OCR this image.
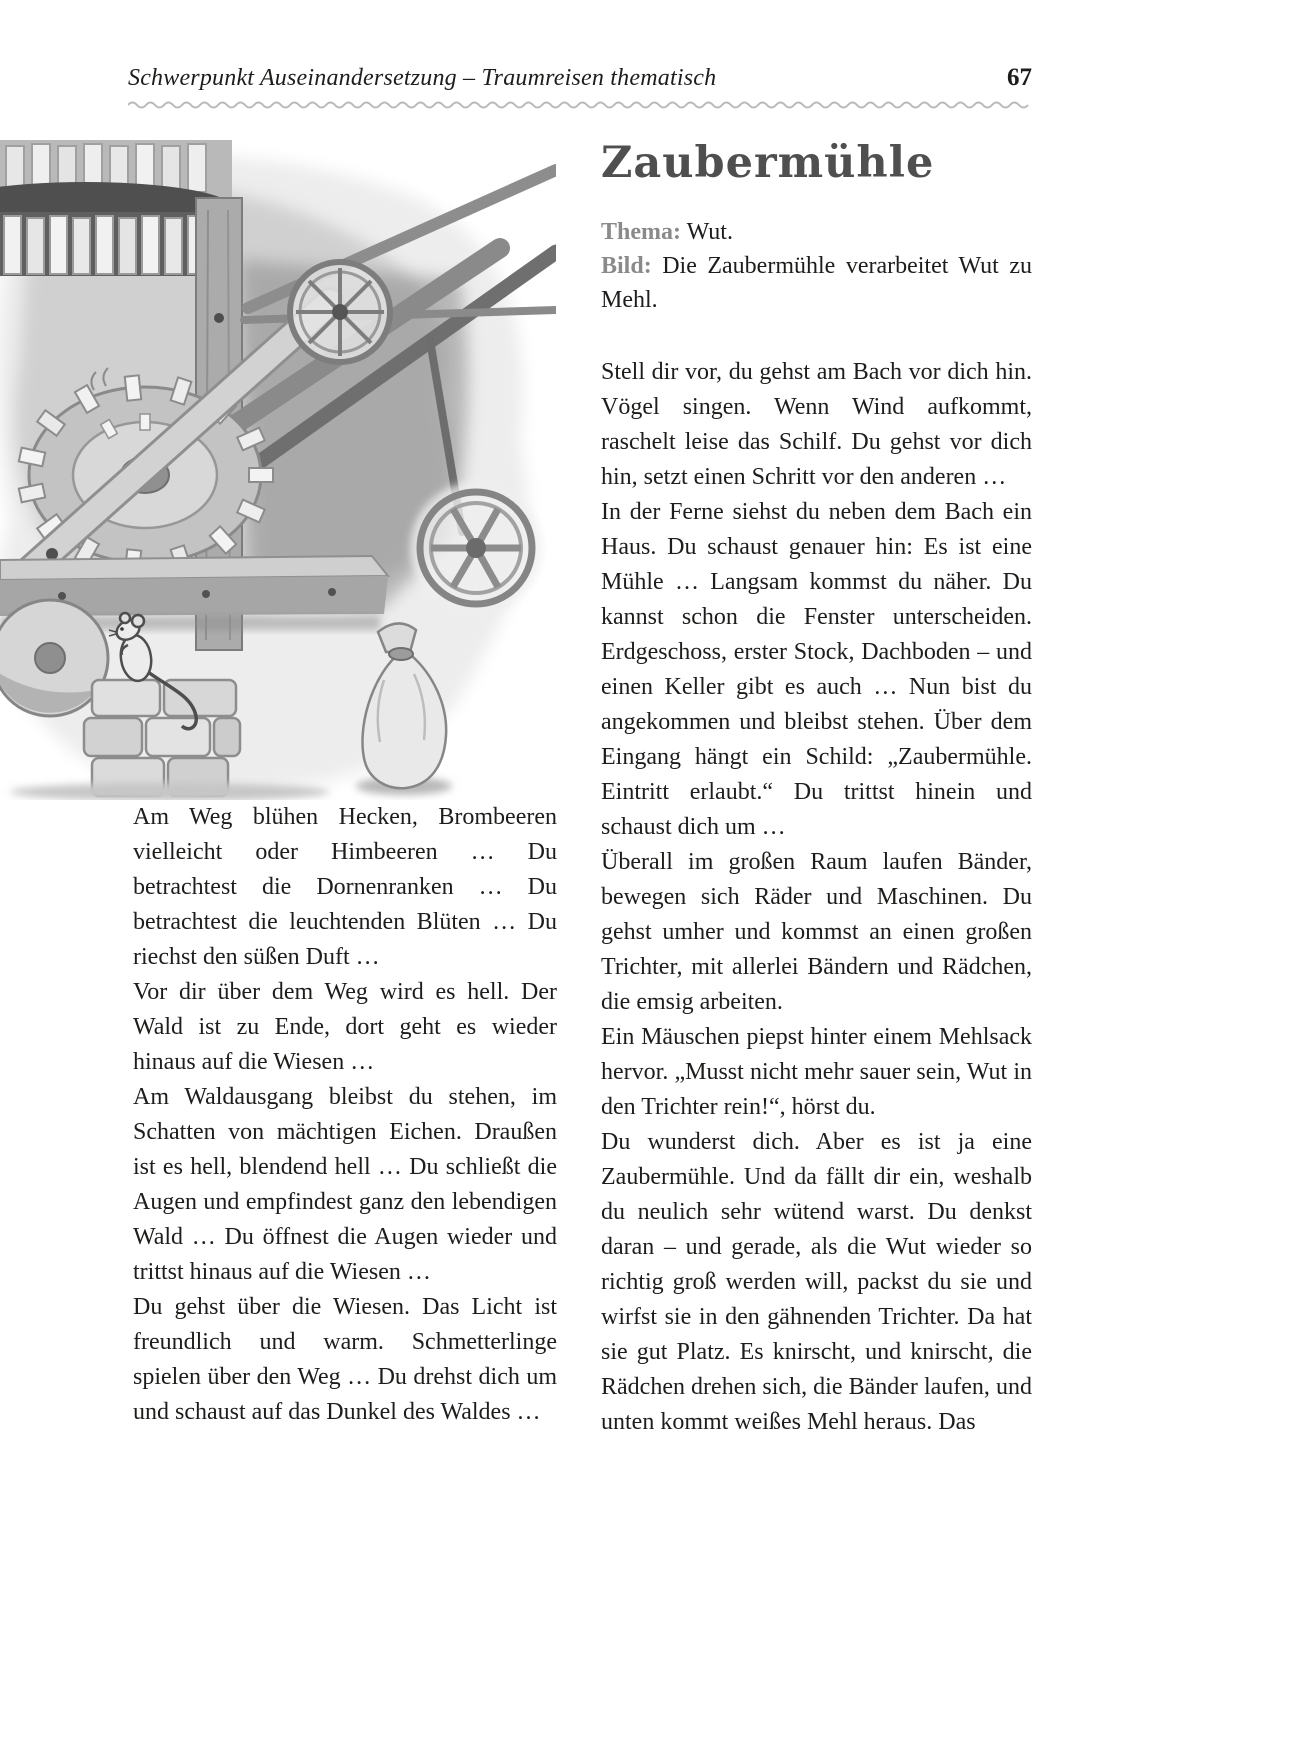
Schwerpunkt Auseinandersetzung – Traumreisen thematisch	67
Zaubermühle

Thema: Wut.

Bild: Die Zaubermühle verarbeitet Wut zu Mehl.

Stell dir vor, du gehst am Bach vor dich hin. Vögel singen. Wenn Wind aufkommt, raschelt leise das Schilf. Du gehst vor dich hin, setzt einen Schritt vor den anderen …

In der Ferne siehst du neben dem Bach ein Haus. Du schaust genauer hin: Es ist eine Mühle … Langsam kommst du näher. Du kannst schon die Fenster unterscheiden. Erdgeschoss, erster Stock, Dachboden – und einen Keller gibt es auch … Nun bist du angekommen und bleibst stehen. Über dem Eingang hängt ein Schild: „Zaubermühle. Eintritt erlaubt.“ Du trittst hinein und schaust dich um …

Überall im großen Raum laufen Bänder, bewegen sich Räder und Maschinen. Du gehst umher und kommst an einen großen Trichter, mit allerlei Bändern und Rädchen, die emsig arbeiten.

Ein Mäuschen piepst hinter einem Mehlsack hervor. „Musst nicht mehr sauer sein, Wut in den Trichter rein!“, hörst du.

Du wunderst dich. Aber es ist ja eine Zaubermühle. Und da fällt dir ein, weshalb du neulich sehr wütend warst. Du denkst daran – und gerade, als die Wut wieder so richtig groß werden will, packst du sie und wirfst sie in den gähnenden Trichter. Da hat sie gut Platz. Es knirscht, und knirscht, die Rädchen drehen sich, die Bänder laufen, und unten kommt weißes Mehl heraus. Das

Am Weg blühen Hecken, Brombeeren vielleicht oder Himbeeren … Du betrachtest die Dornenranken … Du betrachtest die leuchtenden Blüten … Du riechst den süßen Duft …

Vor dir über dem Weg wird es hell. Der Wald ist zu Ende, dort geht es wieder hinaus auf die Wiesen …

Am Waldausgang bleibst du stehen, im Schatten von mächtigen Eichen. Draußen ist es hell, blendend hell … Du schließt die Augen und empfindest ganz den lebendigen Wald … Du öffnest die Augen wieder und trittst hinaus auf die Wiesen …

Du gehst über die Wiesen. Das Licht ist freundlich und warm. Schmetterlinge spielen über den Weg … Du drehst dich um und schaust auf das Dunkel des Waldes …
